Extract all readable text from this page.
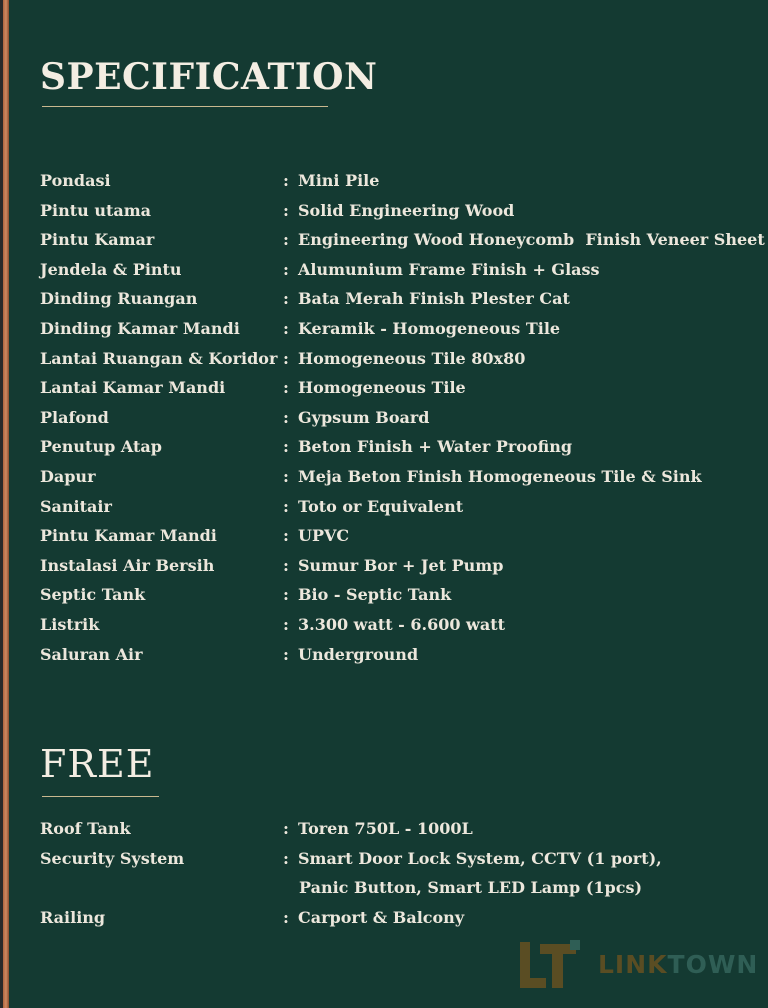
SPECIFICATION
Pondasi	: Mini Pile
Pintu utama	: Solid Engineering Wood
Pintu Kamar	: Engineering Wood Honeycomb  Finish Veneer Sheet
Jendela & Pintu	: Alumunium Frame Finish + Glass
Dinding Ruangan	: Bata Merah Finish Plester Cat
Dinding Kamar Mandi	: Keramik - Homogeneous Tile
Lantai Ruangan & Koridor : Homogeneous Tile 80x80
Lantai Kamar Mandi	: Homogeneous Tile
Plafond	: Gypsum Board
Penutup Atap	: Beton Finish + Water Proofing
Dapur	: Meja Beton Finish Homogeneous Tile & Sink
Sanitair	: Toto or Equivalent
Pintu Kamar Mandi	: UPVC
Instalasi Air Bersih	: Sumur Bor + Jet Pump
Septic Tank	: Bio - Septic Tank
Listrik	: 3.300 watt - 6.600 watt
Saluran Air	: Underground
FREE
Roof Tank	: Toren 750L - 1000L
Security System	: Smart Door Lock System, CCTV (1 port),
Panic Button, Smart LED Lamp (1pcs)
Railing	: Carport & Balcony
LINKTOWN
